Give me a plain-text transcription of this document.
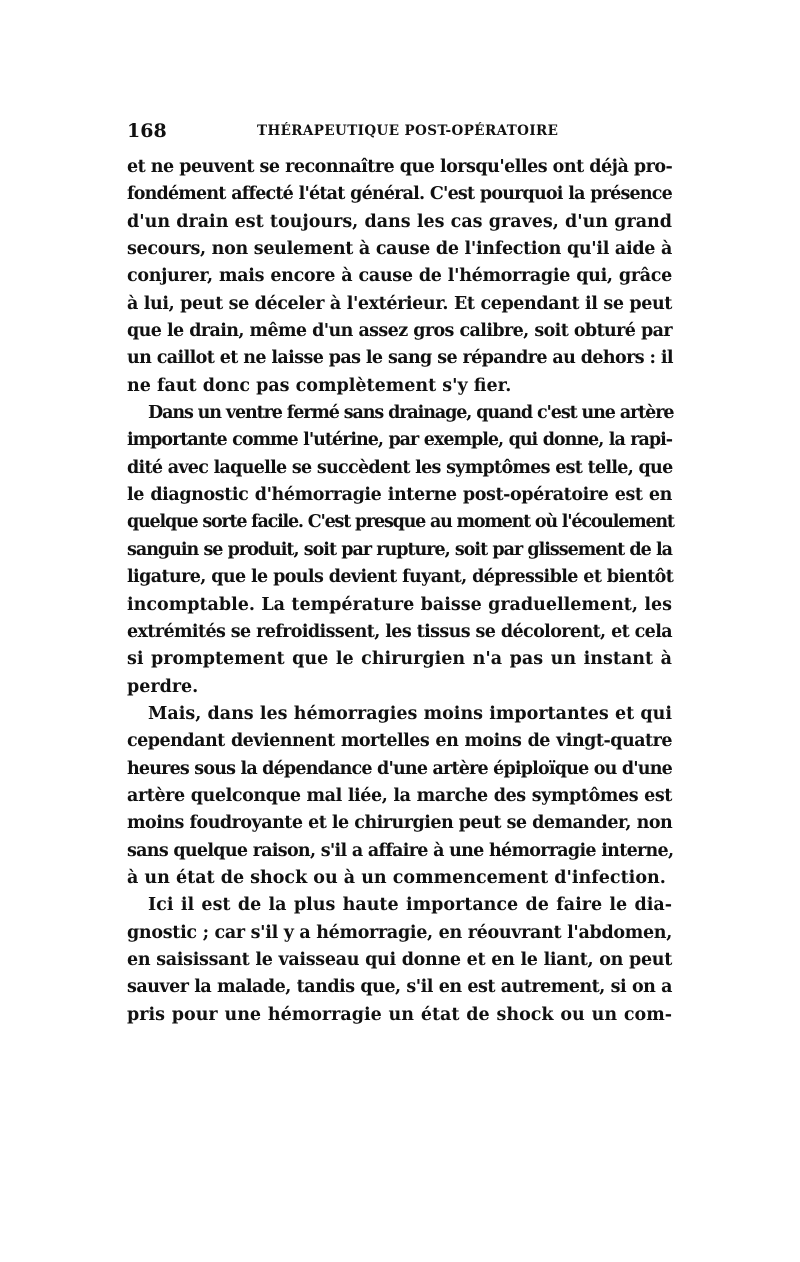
168	THÉRAPEUTIQUE POST-OPÉRATOIRE
et ne peuvent se reconnaître que lorsqu'elles ont déjà pro-
fondément affecté l'état général. C'est pourquoi la présence
d'un drain est toujours, dans les cas graves, d'un grand
secours, non seulement à cause de l'infection qu'il aide à
conjurer, mais encore à cause de l'hémorragie qui, grâce
à lui, peut se déceler à l'extérieur. Et cependant il se peut
que le drain, même d'un assez gros calibre, soit obturé par
un caillot et ne laisse pas le sang se répandre au dehors : il
ne faut donc pas complètement s'y fier.
Dans un ventre fermé sans drainage, quand c'est une artère
importante comme l'utérine, par exemple, qui donne, la rapi-
dité avec laquelle se succèdent les symptômes est telle, que
le diagnostic d'hémorragie interne post-opératoire est en
quelque sorte facile. C'est presque au moment où l'écoulement
sanguin se produit, soit par rupture, soit par glissement de la
ligature, que le pouls devient fuyant, dépressible et bientôt
incomptable. La température baisse graduellement, les
extrémités se refroidissent, les tissus se décolorent, et cela
si promptement que le chirurgien n'a pas un instant à
perdre.
Mais, dans les hémorragies moins importantes et qui
cependant deviennent mortelles en moins de vingt-quatre
heures sous la dépendance d'une artère épiploïque ou d'une
artère quelconque mal liée, la marche des symptômes est
moins foudroyante et le chirurgien peut se demander, non
sans quelque raison, s'il a affaire à une hémorragie interne,
à un état de shock ou à un commencement d'infection.
Ici il est de la plus haute importance de faire le dia-
gnostic ; car s'il y a hémorragie, en réouvrant l'abdomen,
en saisissant le vaisseau qui donne et en le liant, on peut
sauver la malade, tandis que, s'il en est autrement, si on a
pris pour une hémorragie un état de shock ou un com-
